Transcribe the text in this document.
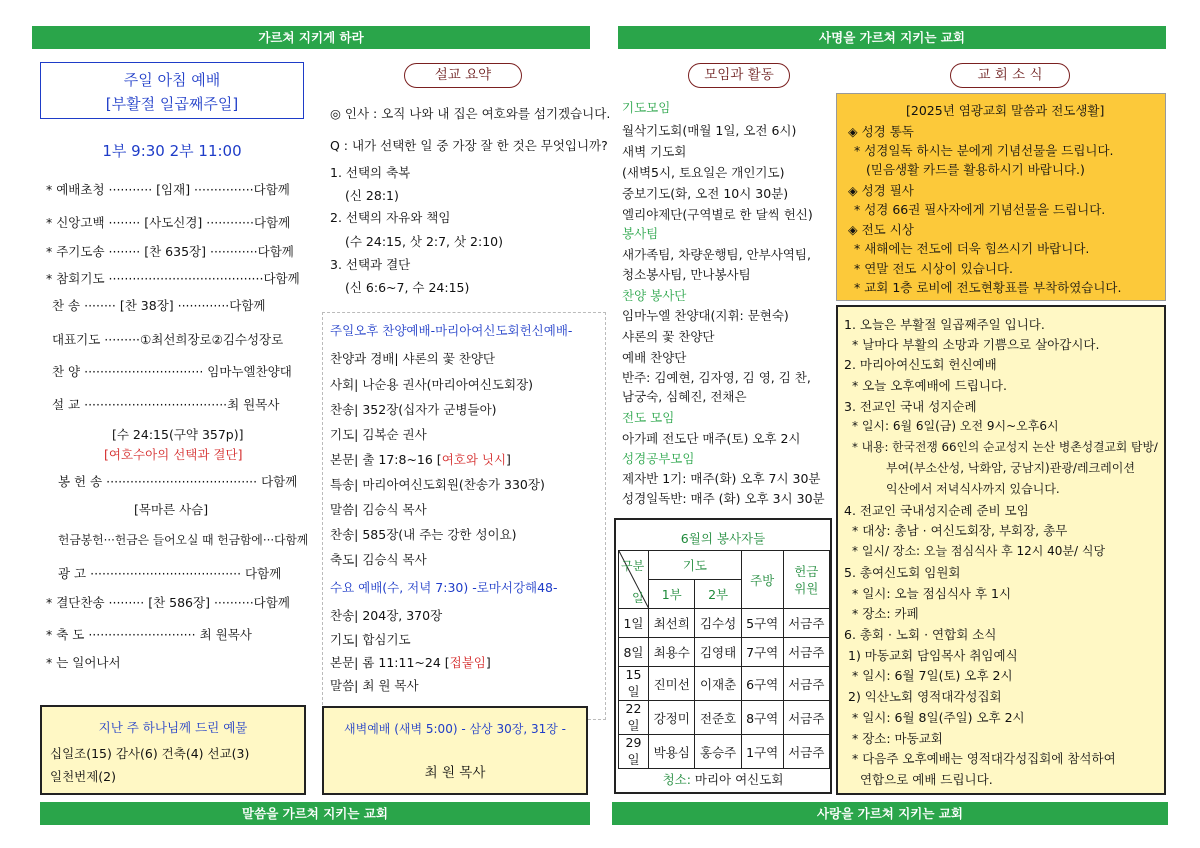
가르쳐 지키게 하라	사명을 가르쳐 지키는 교회
주일 아침 예배
[부활절 일곱째주일]
1부 9:30 2부 11:00
* 예배초청 ··········· [임재] ···············다함께
* 신앙고백 ········ [사도신경] ············다함께
* 주기도송 ········ [찬 635장] ············다함께
* 참회기도 ·······································다함께
찬 송 ········ [찬 38장] ·············다함께
대표기도 ·········①최선희장로②김수성장로
찬 양 ······························ 임마누엘찬양대
설 교 ····································최 원목사
[수 24:15(구약 357p)]
[여호수아의 선택과 결단]
봉 헌 송 ······································ 다함께
[목마른 사슴]
헌금봉헌···헌금은 들어오실 때 헌금함에···다함께
광 고 ······································ 다함께
* 결단찬송 ········· [찬 586장] ··········다함께
* 축 도 ··························· 최 원목사
* 는 일어나서
지난 주 하나님께 드린 예물
십일조(15) 감사(6) 건축(4) 선교(3)
일천번제(2)
설교 요약
◎ 인사 : 오직 나와 내 집은 여호와를 섬기겠습니다.
Q : 내가 선택한 일 중 가장 잘 한 것은 무엇입니까?
1. 선택의 축복
(신 28:1)
2. 선택의 자유와 책임
(수 24:15, 삿 2:7, 삿 2:10)
3. 선택과 결단
(신 6:6~7, 수 24:15)
주일오후 찬양예배-마리아여신도회헌신예배-
찬양과 경배| 샤론의 꽃 찬양단
사회| 나순용 권사(마리아여신도회장)
찬송| 352장(십자가 군병들아)
기도| 김복순 권사
본문| 출 17:8~16 [여호와 닛시]
특송| 마리아여신도회원(찬송가 330장)
말씀| 김승식 목사
찬송| 585장(내 주는 강한 성이요)
축도| 김승식 목사
수요 예배(수, 저녁 7:30) -로마서강해48-
찬송| 204장, 370장
기도| 합심기도
본문| 롬 11:11~24 [접붙임]
말씀| 최 원 목사
새벽예배 (새벽 5:00) - 삼상 30장, 31장 -
최 원 목사
말씀을 가르쳐 지키는 교회	사랑을 가르쳐 지키는 교회
모임과 활동
기도모임
월삭기도회(매월 1일, 오전 6시)
새벽 기도회
(새벽5시, 토요일은 개인기도)
중보기도(화, 오전 10시 30분)
엘리야제단(구역별로 한 달씩 헌신)
봉사팀
새가족팀, 차량운행팀, 안부사역팀,
청소봉사팀, 만나봉사팀
찬양 봉사단
임마누엘 찬양대(지휘: 문현숙)
샤론의 꽃 찬양단
예배 찬양단
반주: 김예현, 김자영, 김 영, 김 찬,
남궁숙, 심혜진, 전채은
전도 모임
아가페 전도단 매주(토) 오후 2시
성경공부모임
제자반 1기: 매주(화) 오후 7시 30분
성경일독반: 매주 (화) 오후 3시 30분
6월의 봉사자들
구분
일	기도		주방	헌금
위원
	1부	2부		
1일	최선희	김수성	5구역	서금주
8일	최용수	김영태	7구역	서금주
15일	진미선	이재춘	6구역	서금주
22일	강정미	전준호	8구역	서금주
29일	박용심	홍승주	1구역	서금주
청소: 마리아 여신도회
교 회 소 식
[2025년 염광교회 말씀과 전도생활]
◈ 성경 통독
* 성경일독 하시는 분에게 기념선물을 드립니다.
(믿음생활 카드를 활용하시기 바랍니다.)
◈ 성경 필사
* 성경 66권 필사자에게 기념선물을 드립니다.
◈ 전도 시상
* 새해에는 전도에 더욱 힘쓰시기 바랍니다.
* 연말 전도 시상이 있습니다.
* 교회 1층 로비에 전도현황표를 부착하였습니다.
1. 오늘은 부활절 일곱째주일 입니다.
* 날마다 부활의 소망과 기쁨으로 살아갑시다.
2. 마리아여신도회 헌신예배
* 오늘 오후예배에 드립니다.
3. 전교인 국내 성지순례
* 일시: 6월 6일(금) 오전 9시~오후6시
* 내용: 한국전쟁 66인의 순교성지 논산 병촌성결교회 탐방/
부여(부소산성, 낙화암, 궁남지)관광/레크레이션
익산에서 저녁식사까지 있습니다.
4. 전교인 국내성지순례 준비 모임
* 대상: 총남 · 여신도회장, 부회장, 총무
* 일시/ 장소: 오늘 점심식사 후 12시 40분/ 식당
5. 총여신도회 임원회
* 일시: 오늘 점심식사 후 1시
* 장소: 카페
6. 총회 · 노회 · 연합회 소식
1) 마동교회 담임목사 취임예식
* 일시: 6월 7일(토) 오후 2시
2) 익산노회 영적대각성집회
* 일시: 6월 8일(주일) 오후 2시
* 장소: 마동교회
* 다음주 오후예배는 영적대각성집회에 참석하여
연합으로 예배 드립니다.
